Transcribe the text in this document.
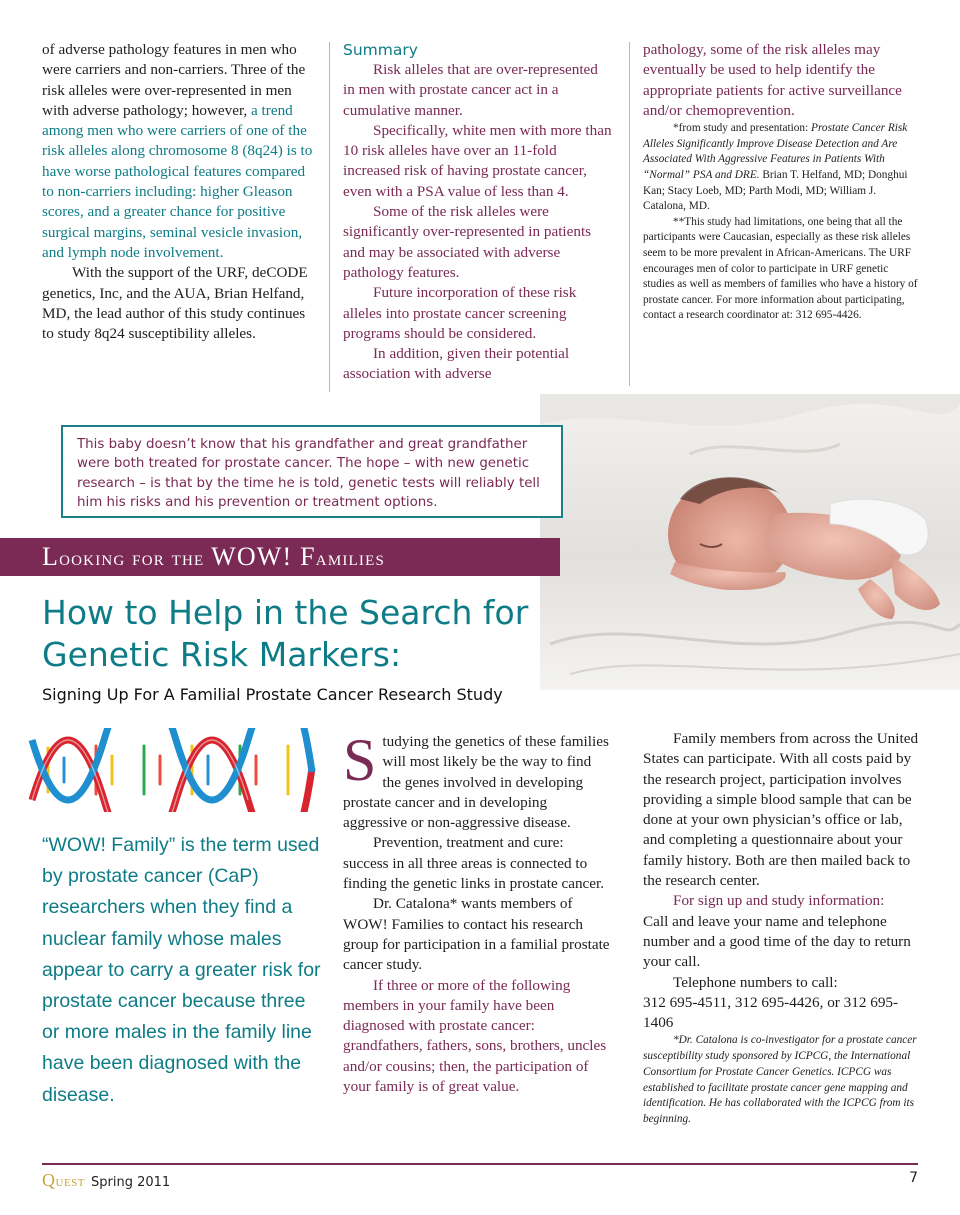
of adverse pathology features in men who were carriers and non-carriers. Three of the risk alleles were over-represented in men with adverse pathology; however, a trend among men who were carriers of one of the risk alleles along chromosome 8 (8q24) is to have worse pathological features compared to non-carriers including: higher Gleason scores, and a greater chance for positive surgical margins, seminal vesicle invasion, and lymph node involvement.

With the support of the URF, deCODE genetics, Inc, and the AUA, Brian Helfand, MD, the lead author of this study continues to study 8q24 susceptibility alleles.

Summary

Risk alleles that are over-represented in men with prostate cancer act in a cumulative manner.

Specifically, white men with more than 10 risk alleles have over an 11-fold increased risk of having prostate cancer, even with a PSA value of less than 4.

Some of the risk alleles were significantly over-represented in patients and may be associated with adverse pathology features.

Future incorporation of these risk alleles into prostate cancer screening programs should be considered.

In addition, given their potential association with adverse

pathology, some of the risk alleles may eventually be used to help identify the appropriate patients for active surveillance and/or chemoprevention.

*from study and presentation: Prostate Cancer Risk Alleles Significantly Improve Disease Detection and Are Associated With Aggressive Features in Patients With “Normal” PSA and DRE. Brian T. Helfand, MD; Donghui Kan; Stacy Loeb, MD; Parth Modi, MD; William J. Catalona, MD.

**This study had limitations, one being that all the participants were Caucasian, especially as these risk alleles seem to be more prevalent in African-Americans. The URF encourages men of color to participate in URF genetic studies as well as members of families who have a history of prostate cancer. For more information about participating, contact a research coordinator at: 312 695-4426.

This baby doesn’t know that his grandfather and great grandfather were both treated for prostate cancer. The hope – with new genetic research – is that by the time he is told, genetic tests will reliably tell him his risks and his prevention or treatment options.
Looking for the WOW! Families
How to Help in the Search for Genetic Risk Markers:
Signing Up For A Familial Prostate Cancer Research Study
“WOW! Family” is the term used by prostate cancer (CaP) researchers when they find a nuclear family whose males appear to carry a greater risk for prostate cancer because three or more males in the family line have been diagnosed with the disease.

Studying the genetics of these families will most likely be the way to find the genes involved in developing prostate cancer and in developing aggressive or non-aggressive disease.

Prevention, treatment and cure: success in all three areas is connected to finding the genetic links in prostate cancer.

Dr. Catalona* wants members of WOW! Families to contact his research group for participation in a familial prostate cancer study.

If three or more of the following members in your family have been diagnosed with prostate cancer: grandfathers, fathers, sons, brothers, uncles and/or cousins; then, the participation of your family is of great value.

Family members from across the United States can participate. With all costs paid by the research project, participation involves providing a simple blood sample that can be done at your own physician’s office or lab, and completing a questionnaire about your family history. Both are then mailed back to the research center.

For sign up and study information:

Call and leave your name and telephone number and a good time of the day to return your call.

Telephone numbers to call:

312 695-4511, 312 695-4426, or 312 695-1406

*Dr. Catalona is co-investigator for a prostate cancer susceptibility study sponsored by ICPCG, the International Consortium for Prostate Cancer Genetics. ICPCG was established to facilitate prostate cancer gene mapping and identification. He has collaborated with the ICPCG from its beginning.

Quest Spring 2011	7
